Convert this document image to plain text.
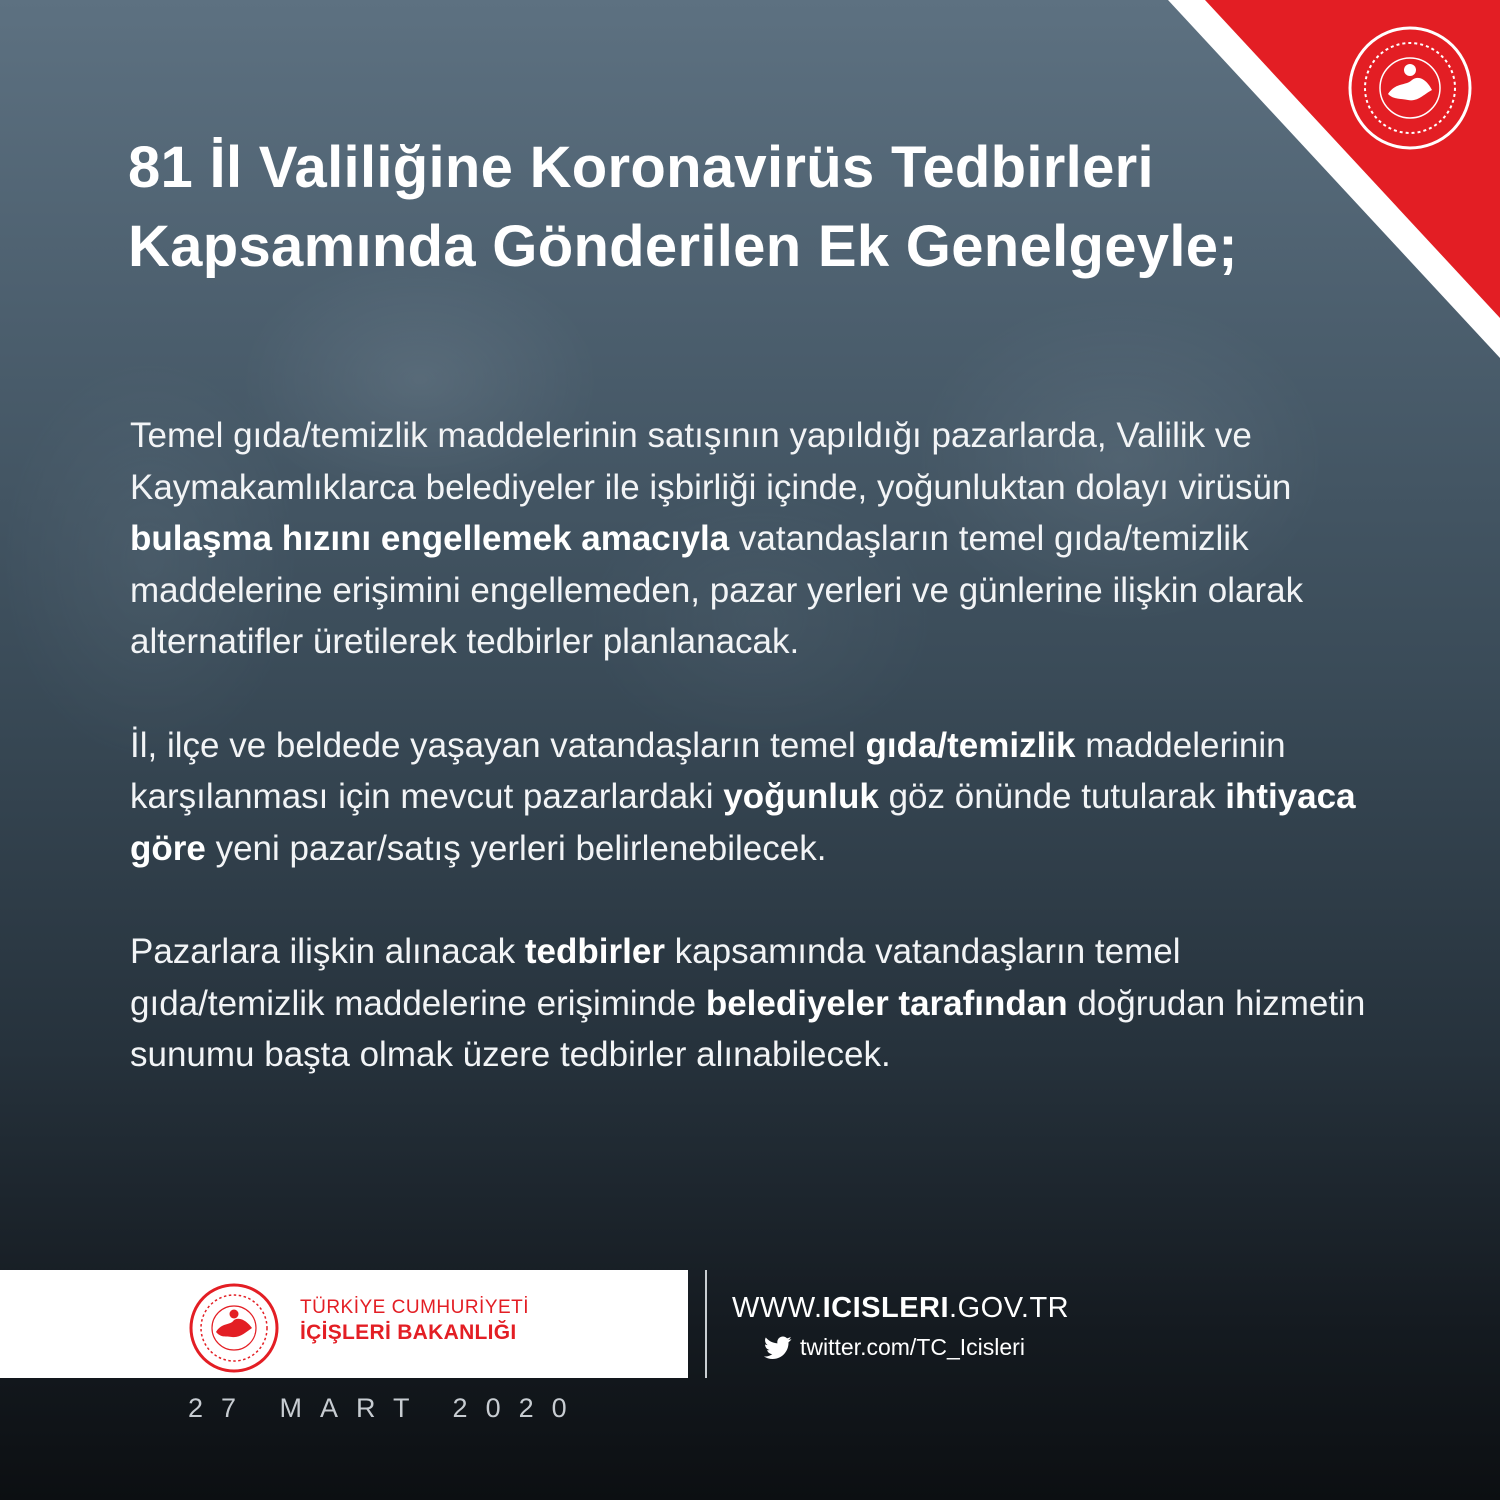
81 İl Valiliğine Koronavirüs Tedbirleri Kapsamında Gönderilen Ek Genelgeyle;

Temel gıda/temizlik maddelerinin satışının yapıldığı pazarlarda, Valilik ve Kaymakamlıklarca belediyeler ile işbirliği içinde, yoğunluktan dolayı virüsün bulaşma hızını engellemek amacıyla vatandaşların temel gıda/temizlik maddelerine erişimini engellemeden, pazar yerleri ve günlerine ilişkin olarak alternatifler üretilerek tedbirler planlanacak.

İl, ilçe ve beldede yaşayan vatandaşların temel gıda/temizlik maddelerinin karşılanması için mevcut pazarlardaki yoğunluk göz önünde tutularak ihtiyaca göre yeni pazar/satış yerleri belirlenebilecek.

Pazarlara ilişkin alınacak tedbirler kapsamında vatandaşların temel gıda/temizlik maddelerine erişiminde belediyeler tarafından doğrudan hizmetin sunumu başta olmak üzere tedbirler alınabilecek.

TÜRKİYE CUMHURİYETİ
İÇİŞLERİ BAKANLIĞI
WWW.ICISLERI.GOV.TR
twitter.com/TC_Icisleri
27 MART 2020
